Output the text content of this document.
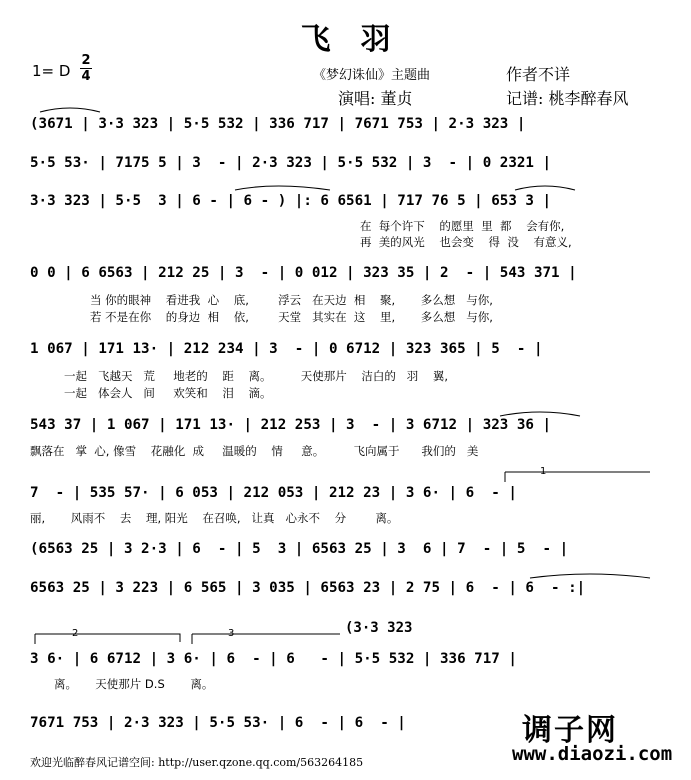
飞羽
1= D
2
4	《梦幻诛仙》主题曲	作者不详
演唱: 董贞	记谱: 桃李醉春风
(3671 | 3·3 323 | 5·5 532 | 336 717 | 7671 753 | 2·3 323 |
5·5 53· | 7175 5 | 3  - | 2·3 323 | 5·5 532 | 3  - | 0 2321 |
3·3 323 | 5·5  3 | 6 - | 6 - ) |: 6 6561 | 717 76 5 | 653 3 |
在  每个许下    的愿里  里  都    会有你,
再  美的风光    也会变    得  没    有意义,
0 0 | 6 6563 | 212 25 | 3  - | 0 012 | 323 35 | 2  - | 543 371 |
当 你的眼神    看进我  心    底,        浮云   在天边  相    聚,       多么想   与你,
若 不是在你    的身边  相    依,        天堂   其实在  这    里,       多么想   与你,
1 067 | 171 13· | 212 234 | 3  - | 0 6712 | 323 365 | 5  - |
一起   飞越天   荒     地老的    距    离。        天使那片    洁白的   羽    翼,
一起   体会人   间     欢笑和    泪    滴。
543 37 | 1 067 | 171 13· | 212 253 | 3  - | 3 6712 | 323 36 |
飘落在   掌  心, 像雪    花融化  成     温暖的    情     意。        飞向属于      我们的   美
7  - | 535 57· | 6 053 | 212 053 | 212 23 | 3 6· | 6  - |
丽,       风雨不    去    理, 阳光    在召唤,   让真   心永不    分        离。
(6563 25 | 3 2·3 | 6  - | 5  3 | 6563 25 | 3  6 | 7  - | 5  - |
6563 25 | 3 223 | 6 565 | 3 035 | 6563 23 | 2 75 | 6  - | 6  - :|
3 6· | 6 6712 | 3 6· | 6  - | 6   - | 5·5 532 | 336 717 |
离。     天使那片 D.S       离。
7671 753 | 2·3 323 | 5·5 53· | 6  - | 6  - |
(3·3 323
1
2	3
欢迎光临醉春风记谱空间: http://user.qzone.qq.com/563264185
调子网
www.diaozi.com
